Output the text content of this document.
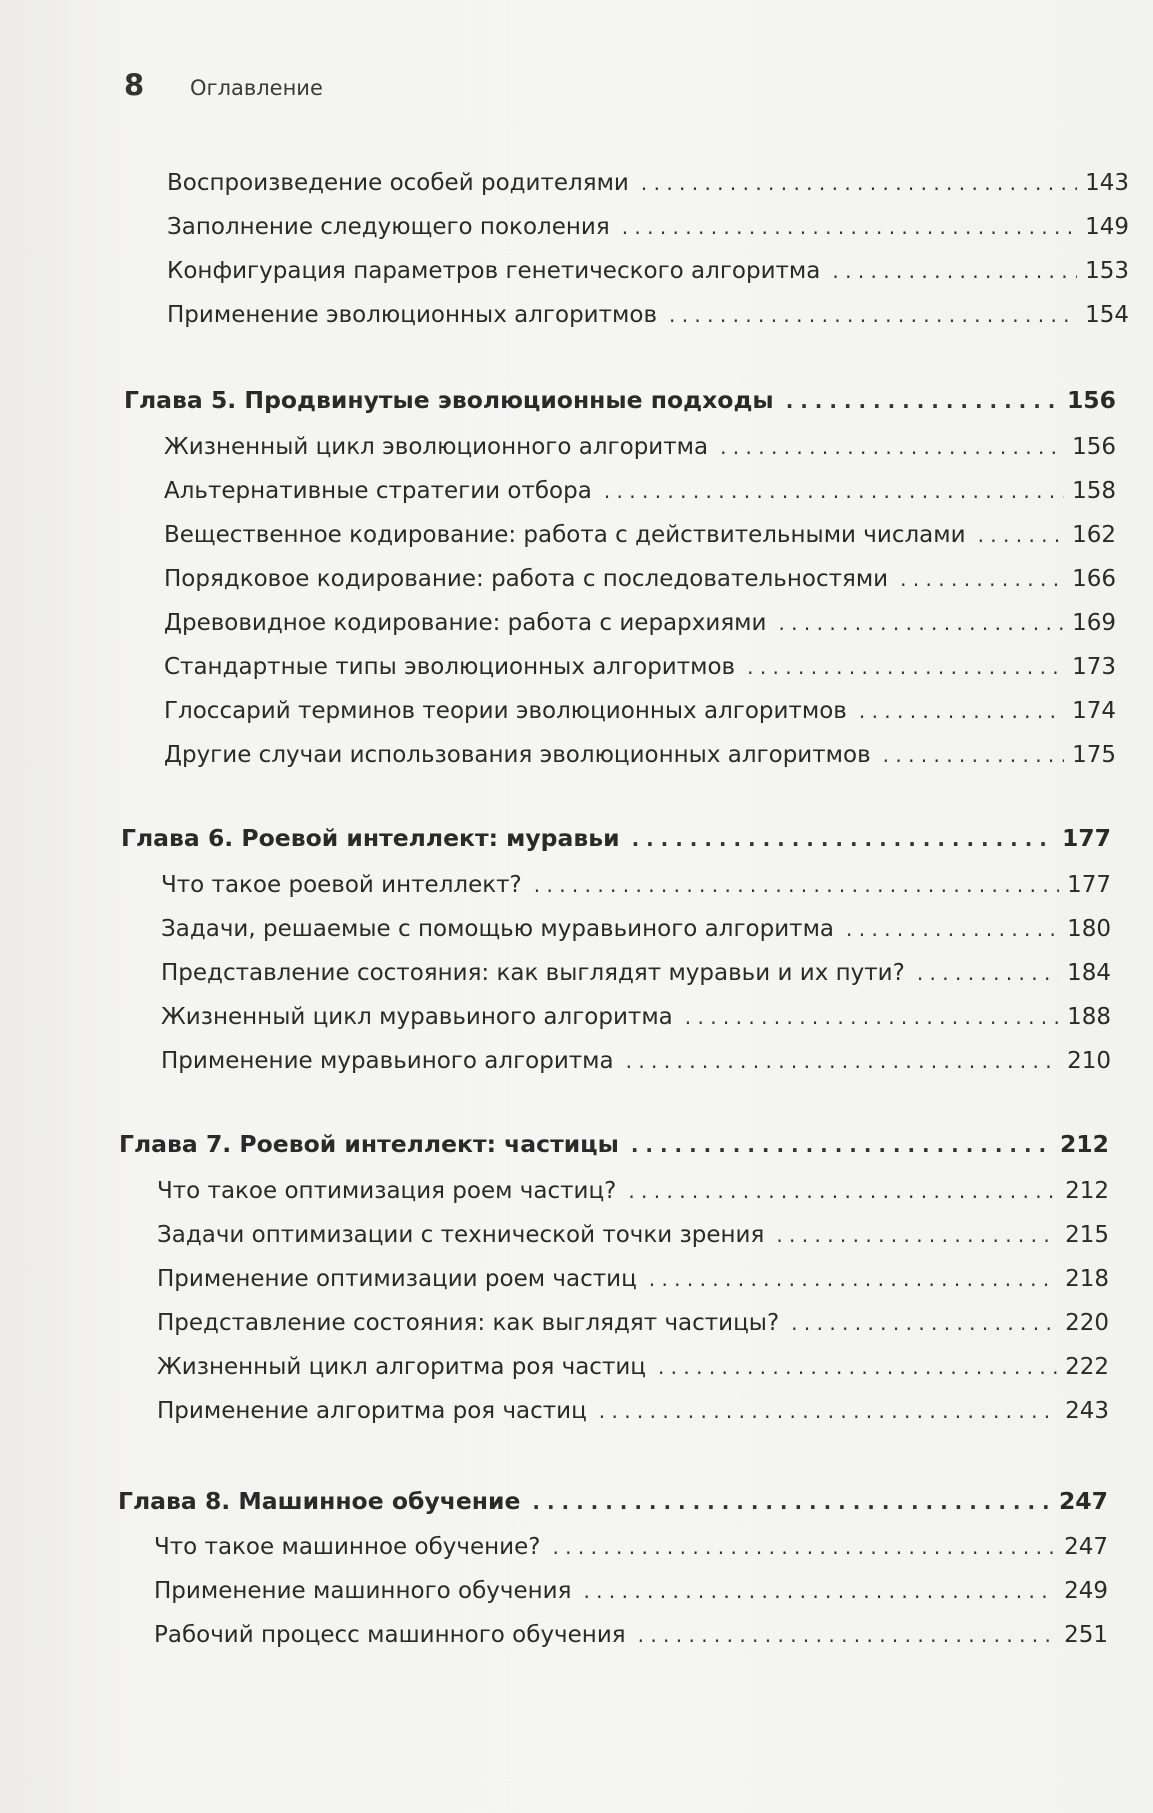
8	Оглавление
Воспроизведение особей родителями . . .	143
Заполнение следующего поколения . . .	149
Конфигурация параметров генетического алгоритма . . .	153
Применение эволюционных алгоритмов . . .	154
Глава 5. Продвинутые эволюционные подходы . . .	156
Жизненный цикл эволюционного алгоритма . . .	156
Альтернативные стратегии отбора . . .	158
Вещественное кодирование: работа с действительными числами . . .	162
Порядковое кодирование: работа с последовательностями . . .	166
Древовидное кодирование: работа с иерархиями . . .	169
Стандартные типы эволюционных алгоритмов . . .	173
Глоссарий терминов теории эволюционных алгоритмов . . .	174
Другие случаи использования эволюционных алгоритмов . . .	175
Глава 6. Роевой интеллект: муравьи . . .	177
Что такое роевой интеллект? . . .	177
Задачи, решаемые с помощью муравьиного алгоритма . . .	180
Представление состояния: как выглядят муравьи и их пути? . . .	184
Жизненный цикл муравьиного алгоритма . . .	188
Применение муравьиного алгоритма . . .	210
Глава 7. Роевой интеллект: частицы . . .	212
Что такое оптимизация роем частиц? . . .	212
Задачи оптимизации с технической точки зрения . . .	215
Применение оптимизации роем частиц . . .	218
Представление состояния: как выглядят частицы? . . .	220
Жизненный цикл алгоритма роя частиц . . .	222
Применение алгоритма роя частиц . . .	243
Глава 8. Машинное обучение . . .	247
Что такое машинное обучение? . . .	247
Применение машинного обучения . . .	249
Рабочий процесс машинного обучения . . .	251
